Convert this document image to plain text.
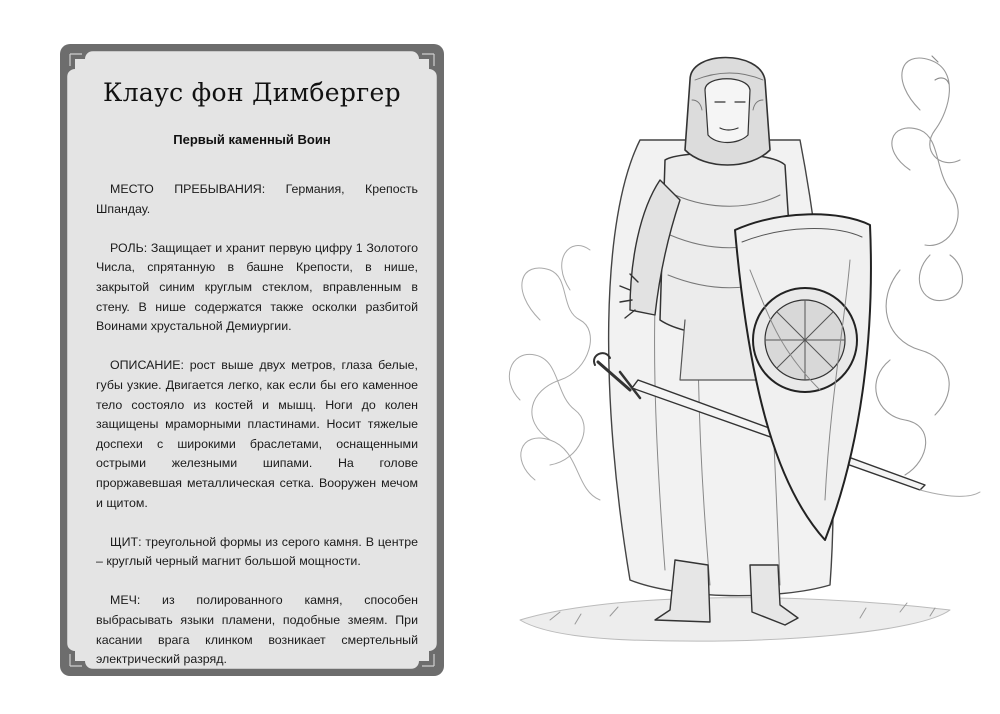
Клаус фон Димбергер
Первый каменный Воин

МЕСТО ПРЕБЫВАНИЯ: Германия, Крепость Шпандау.

РОЛЬ: Защищает и хранит первую цифру 1 Золотого Числа, спрятанную в башне Крепости, в нише, закрытой синим круглым стеклом, вправленным в стену. В нише содержатся также осколки разбитой Воинами хрустальной Демиургии.

ОПИСАНИЕ: рост выше двух метров, глаза белые, губы узкие. Двигается легко, как если бы его каменное тело состояло из костей и мышц. Ноги до колен защищены мраморными пластинами. Носит тяжелые доспехи с широкими браслетами, оснащенными острыми железными шипами. На голове проржавевшая металлическая сетка. Вооружен мечом и щитом.

ЩИТ: треугольной формы из серого камня. В центре – круглый черный магнит большой мощности.

МЕЧ: из полированного камня, способен выбрасывать языки пламени, подобные змеям. При касании врага клинком возникает смертельный электрический разряд.
